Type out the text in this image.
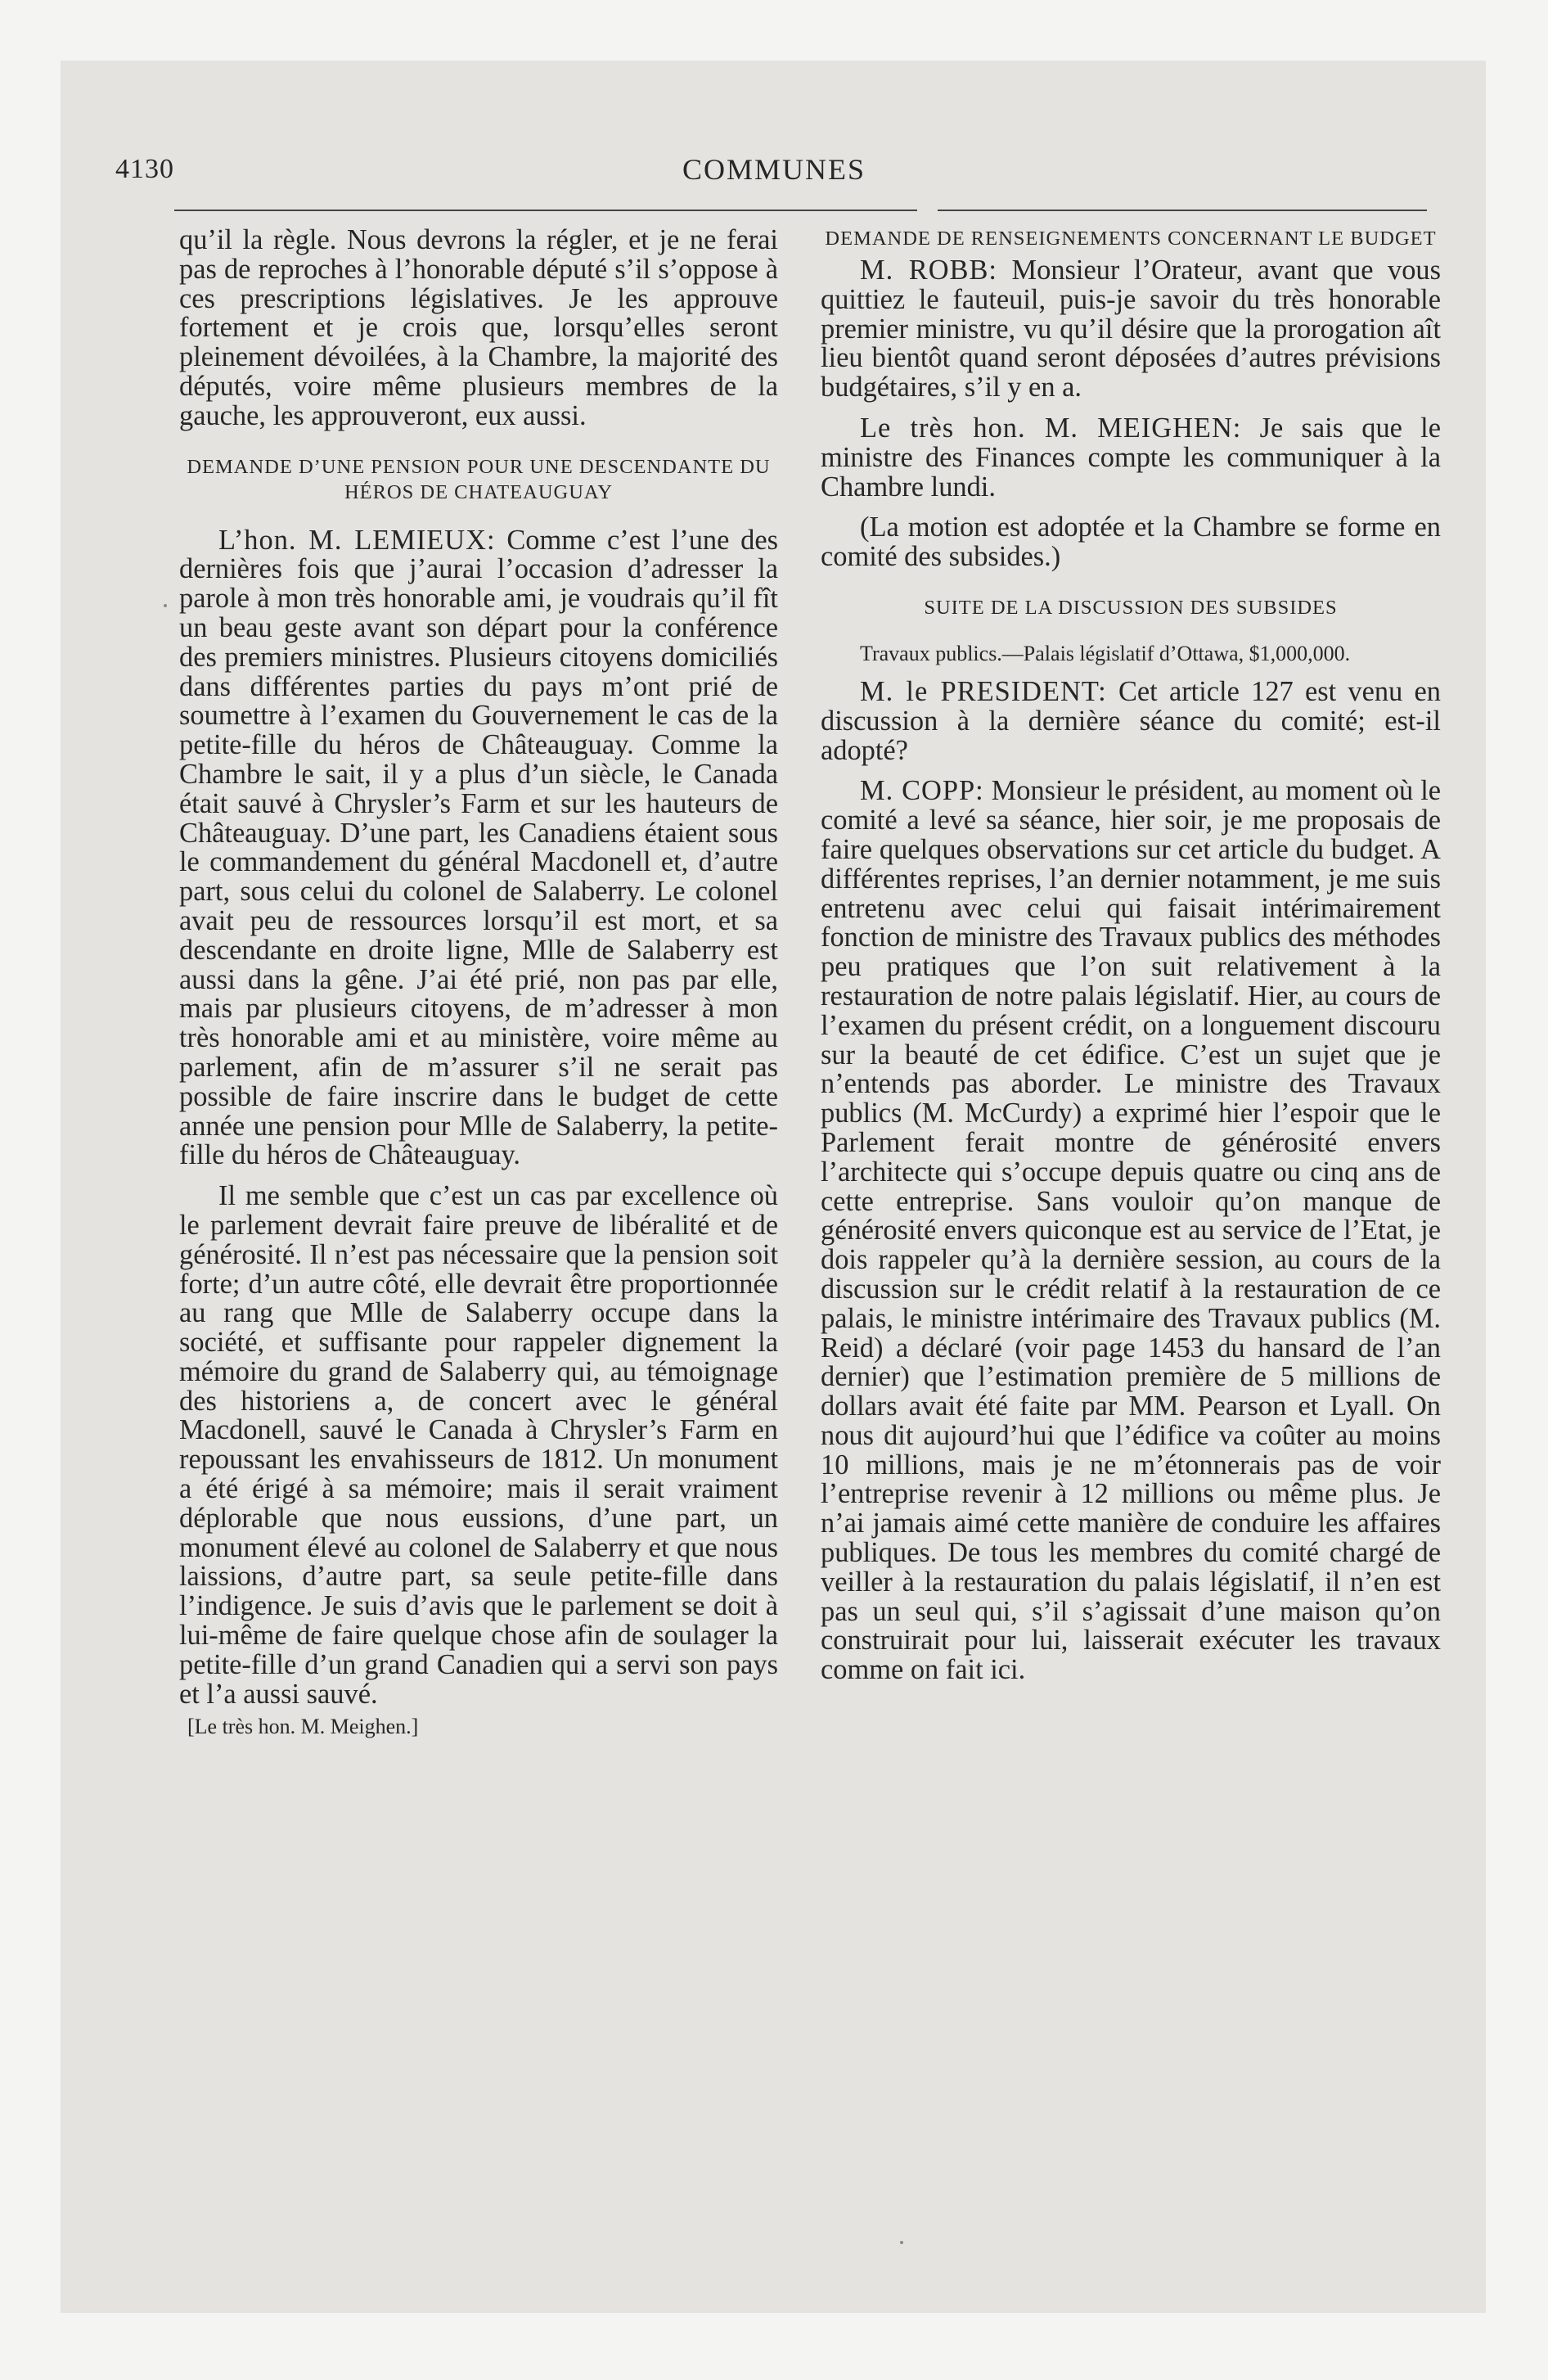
4130	COMMUNES

qu’il la règle. Nous devrons la régler, et je ne ferai pas de reproches à l’honorable député s’il s’oppose à ces prescriptions législatives. Je les approuve fortement et je crois que, lorsqu’elles seront pleinement dévoilées, à la Chambre, la majorité des députés, voire même plusieurs membres de la gauche, les approuveront, eux aussi.

DEMANDE D’UNE PENSION POUR UNE DESCENDANTE DU HÉROS DE CHATEAUGUAY

L’hon. M. LEMIEUX: Comme c’est l’une des dernières fois que j’aurai l’occasion d’adresser la parole à mon très honorable ami, je voudrais qu’il fît un beau geste avant son départ pour la conférence des premiers ministres. Plusieurs citoyens domiciliés dans différentes parties du pays m’ont prié de soumettre à l’examen du Gouvernement le cas de la petite-fille du héros de Châteauguay. Comme la Chambre le sait, il y a plus d’un siècle, le Canada était sauvé à Chrysler’s Farm et sur les hauteurs de Châteauguay. D’une part, les Canadiens étaient sous le commandement du général Macdonell et, d’autre part, sous celui du colonel de Salaberry. Le colonel avait peu de ressources lorsqu’il est mort, et sa descendante en droite ligne, Mlle de Salaberry est aussi dans la gêne. J’ai été prié, non pas par elle, mais par plusieurs citoyens, de m’adresser à mon très honorable ami et au ministère, voire même au parlement, afin de m’assurer s’il ne serait pas possible de faire inscrire dans le budget de cette année une pension pour Mlle de Salaberry, la petite-fille du héros de Châteauguay.

Il me semble que c’est un cas par excellence où le parlement devrait faire preuve de libéralité et de générosité. Il n’est pas nécessaire que la pension soit forte; d’un autre côté, elle devrait être proportionnée au rang que Mlle de Salaberry occupe dans la société, et suffisante pour rappeler dignement la mémoire du grand de Salaberry qui, au témoignage des historiens a, de concert avec le général Macdonell, sauvé le Canada à Chrysler’s Farm en repoussant les envahisseurs de 1812. Un monument a été érigé à sa mémoire; mais il serait vraiment déplorable que nous eussions, d’une part, un monument élevé au colonel de Salaberry et que nous laissions, d’autre part, sa seule petite-fille dans l’indigence. Je suis d’avis que le parlement se doit à lui-même de faire quelque chose afin de soulager la petite-fille d’un grand Canadien qui a servi son pays et l’a aussi sauvé.

[Le très hon. M. Meighen.]
DEMANDE DE RENSEIGNEMENTS CONCERNANT LE BUDGET

M. ROBB: Monsieur l’Orateur, avant que vous quittiez le fauteuil, puis-je savoir du très honorable premier ministre, vu qu’il désire que la prorogation aît lieu bientôt quand seront déposées d’autres prévisions budgétaires, s’il y en a.

Le très hon. M. MEIGHEN: Je sais que le ministre des Finances compte les communiquer à la Chambre lundi.

(La motion est adoptée et la Chambre se forme en comité des subsides.)

SUITE DE LA DISCUSSION DES SUBSIDES

Travaux publics.—Palais législatif d’Ottawa, $1,000,000.

M. le PRESIDENT: Cet article 127 est venu en discussion à la dernière séance du comité; est-il adopté?

M. COPP: Monsieur le président, au moment où le comité a levé sa séance, hier soir, je me proposais de faire quelques observations sur cet article du budget. A différentes reprises, l’an dernier notamment, je me suis entretenu avec celui qui faisait intérimairement fonction de ministre des Travaux publics des méthodes peu pratiques que l’on suit relativement à la restauration de notre palais législatif. Hier, au cours de l’examen du présent crédit, on a longuement discouru sur la beauté de cet édifice. C’est un sujet que je n’entends pas aborder. Le ministre des Travaux publics (M. McCurdy) a exprimé hier l’espoir que le Parlement ferait montre de générosité envers l’architecte qui s’occupe depuis quatre ou cinq ans de cette entreprise. Sans vouloir qu’on manque de générosité envers quiconque est au service de l’Etat, je dois rappeler qu’à la dernière session, au cours de la discussion sur le crédit relatif à la restauration de ce palais, le ministre intérimaire des Travaux publics (M. Reid) a déclaré (voir page 1453 du hansard de l’an dernier) que l’estimation première de 5 millions de dollars avait été faite par MM. Pearson et Lyall. On nous dit aujourd’hui que l’édifice va coûter au moins 10 millions, mais je ne m’étonnerais pas de voir l’entreprise revenir à 12 millions ou même plus. Je n’ai jamais aimé cette manière de conduire les affaires publiques. De tous les membres du comité chargé de veiller à la restauration du palais législatif, il n’en est pas un seul qui, s’il s’agissait d’une maison qu’on construirait pour lui, laisserait exécuter les travaux comme on fait ici.
